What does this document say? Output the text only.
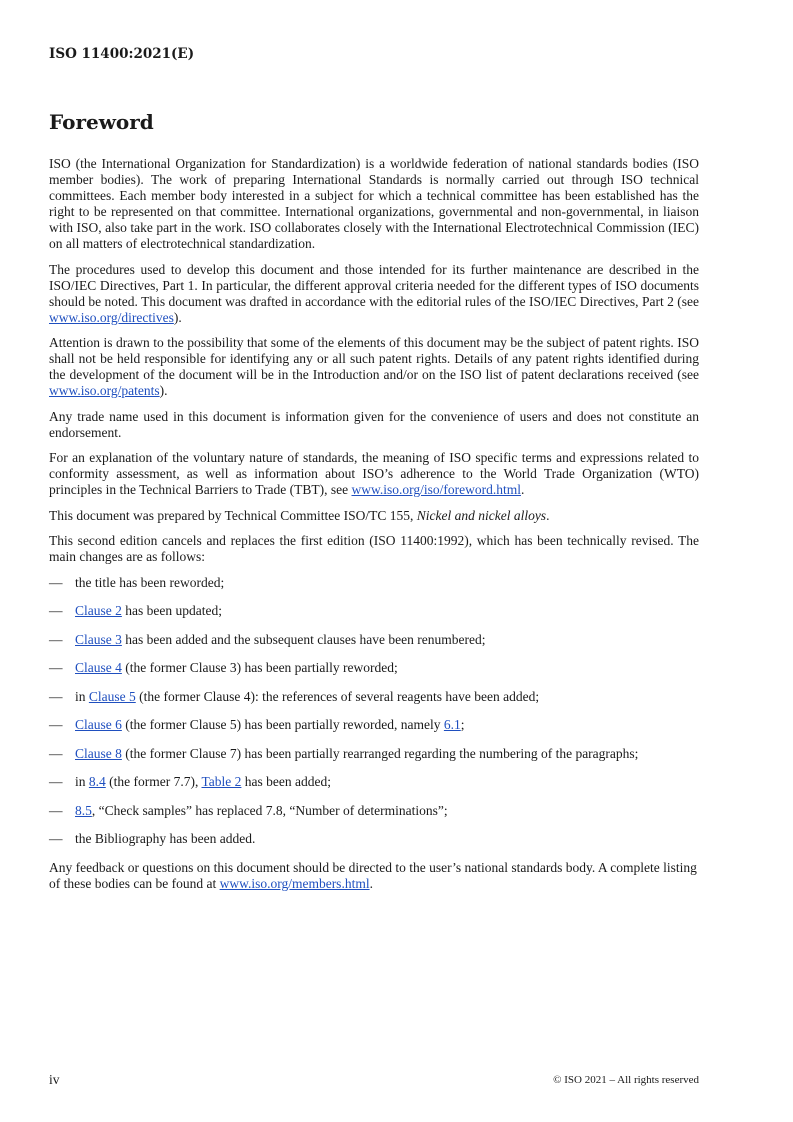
ISO 11400:2021(E)
Foreword

ISO (the International Organization for Standardization) is a worldwide federation of national standards bodies (ISO member bodies). The work of preparing International Standards is normally carried out through ISO technical committees. Each member body interested in a subject for which a technical committee has been established has the right to be represented on that committee. International organizations, governmental and non-governmental, in liaison with ISO, also take part in the work. ISO collaborates closely with the International Electrotechnical Commission (IEC) on all matters of electrotechnical standardization.

The procedures used to develop this document and those intended for its further maintenance are described in the ISO/IEC Directives, Part 1. In particular, the different approval criteria needed for the different types of ISO documents should be noted. This document was drafted in accordance with the editorial rules of the ISO/IEC Directives, Part 2 (see www.iso.org/directives).

Attention is drawn to the possibility that some of the elements of this document may be the subject of patent rights. ISO shall not be held responsible for identifying any or all such patent rights. Details of any patent rights identified during the development of the document will be in the Introduction and/or on the ISO list of patent declarations received (see www.iso.org/patents).

Any trade name used in this document is information given for the convenience of users and does not constitute an endorsement.

For an explanation of the voluntary nature of standards, the meaning of ISO specific terms and expressions related to conformity assessment, as well as information about ISO’s adherence to the World Trade Organization (WTO) principles in the Technical Barriers to Trade (TBT), see www.iso.org/iso/foreword.html.

This document was prepared by Technical Committee ISO/TC 155, Nickel and nickel alloys.

This second edition cancels and replaces the first edition (ISO 11400:1992), which has been technically revised. The main changes are as follows:

— the title has been reworded;
— Clause 2 has been updated;
— Clause 3 has been added and the subsequent clauses have been renumbered;
— Clause 4 (the former Clause 3) has been partially reworded;
— in Clause 5 (the former Clause 4): the references of several reagents have been added;
— Clause 6 (the former Clause 5) has been partially reworded, namely 6.1;
— Clause 8 (the former Clause 7) has been partially rearranged regarding the numbering of the paragraphs;
— in 8.4 (the former 7.7), Table 2 has been added;
— 8.5, “Check samples” has replaced 7.8, “Number of determinations”;
— the Bibliography has been added.

Any feedback or questions on this document should be directed to the user’s national standards body. A complete listing of these bodies can be found at www.iso.org/members.html.

iv	© ISO 2021 – All rights reserved
